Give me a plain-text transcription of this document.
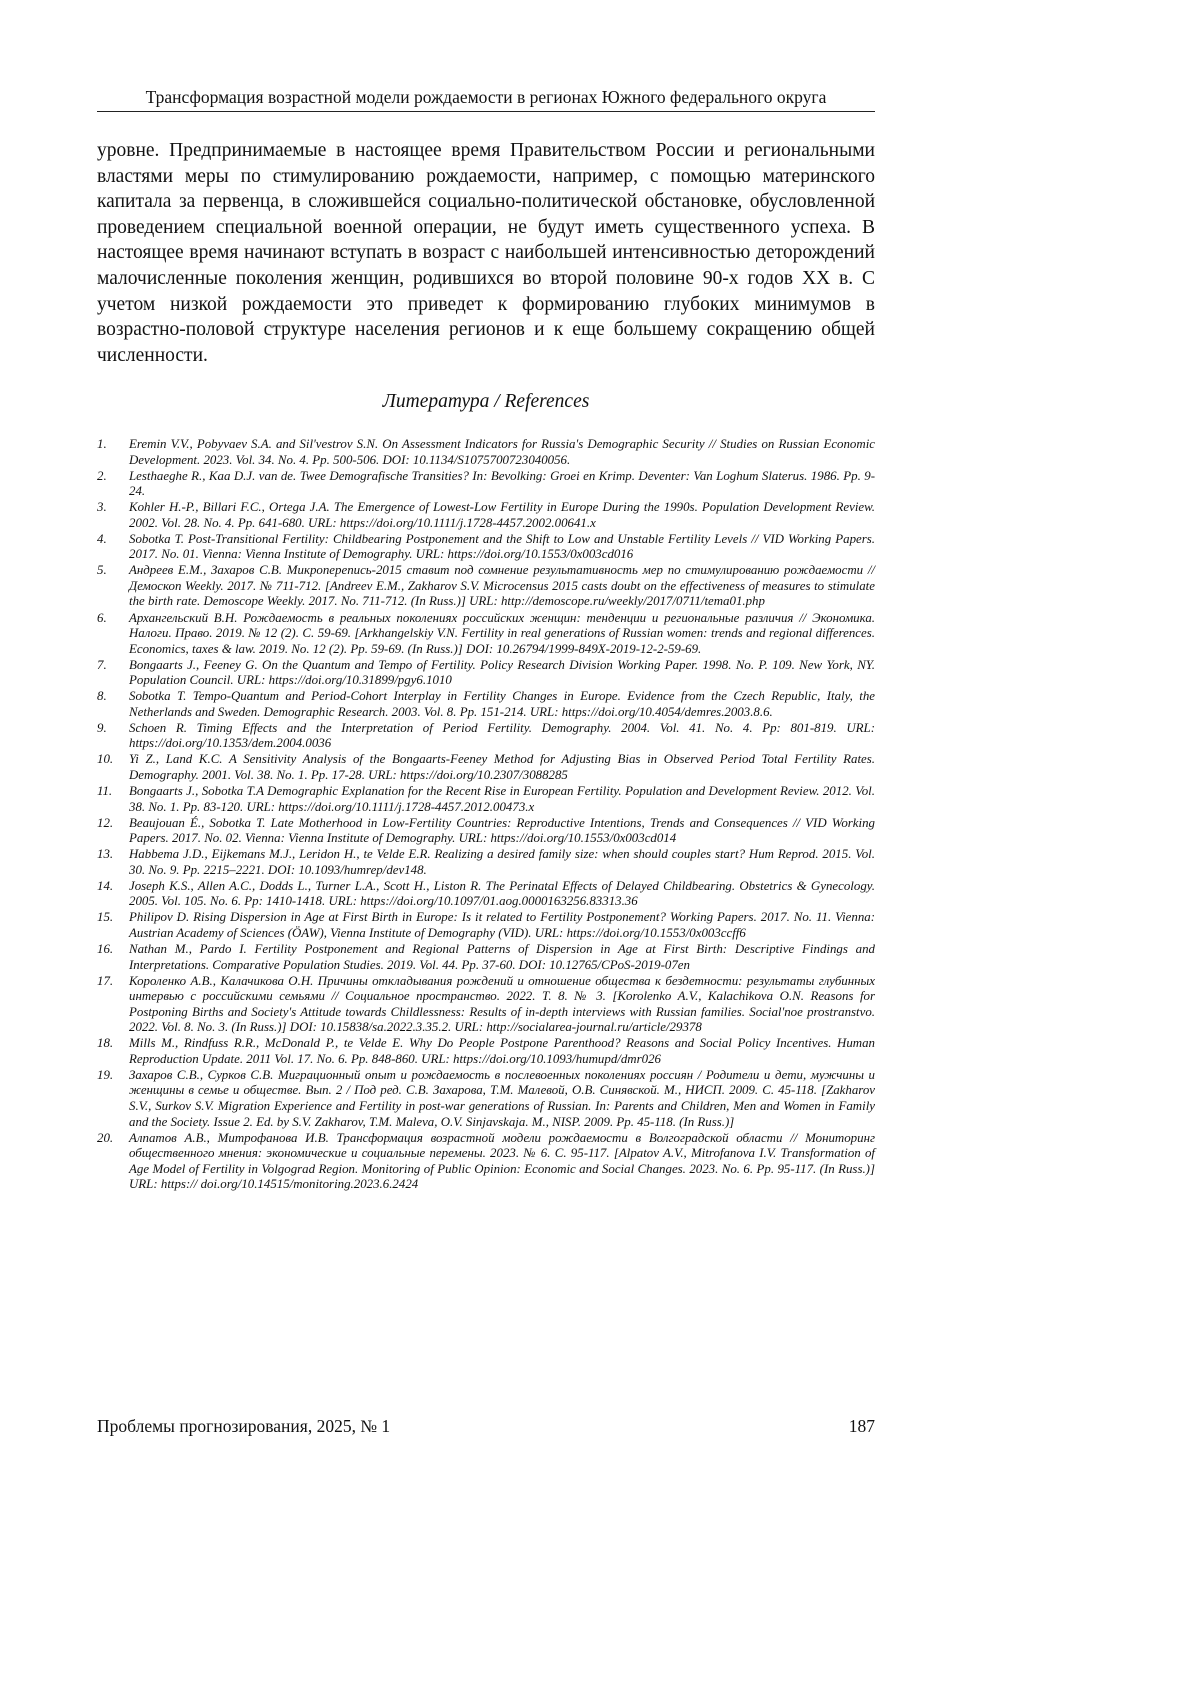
Трансформация возрастной модели рождаемости в регионах Южного федерального округа

уровне. Предпринимаемые в настоящее время Правительством России и региональными властями меры по стимулированию рождаемости, например, с помощью материнского капитала за первенца, в сложившейся социально-политической обстановке, обусловленной проведением специальной военной операции, не будут иметь существенного успеха. В настоящее время начинают вступать в возраст с наибольшей интенсивностью деторождений малочисленные поколения женщин, родившихся во второй половине 90-х годов XX в. С учетом низкой рождаемости это приведет к формированию глубоких минимумов в возрастно-половой структуре населения регионов и к еще большему сокращению общей численности.

Литература / References
1. Eremin V.V., Pobyvaev S.A. and Sil'vestrov S.N. On Assessment Indicators for Russia's Demographic Security // Studies on Russian Economic Development. 2023. Vol. 34. No. 4. Pp. 500-506. DOI: 10.1134/S1075700723040056.
2. Lesthaeghe R., Kaa D.J. van de. Twee Demografische Transities? In: Bevolking: Groei en Krimp. Deventer: Van Loghum Slaterus. 1986. Pp. 9-24.
3. Kohler H.-P., Billari F.C., Ortega J.A. The Emergence of Lowest-Low Fertility in Europe During the 1990s. Population Development Review. 2002. Vol. 28. No. 4. Pp. 641-680. URL: https://doi.org/10.1111/j.1728-4457.2002.00641.x
4. Sobotka T. Post-Transitional Fertility: Childbearing Postponement and the Shift to Low and Unstable Fertility Levels // VID Working Papers. 2017. No. 01. Vienna: Vienna Institute of Demography. URL: https://doi.org/10.1553/0x003cd016
5. Андреев Е.М., Захаров С.В. Микроперепись-2015 ставит под сомнение результативность мер по стимулированию рождаемости // Демоскоп Weekly. 2017. № 711-712. [Andreev E.M., Zakharov S.V. Microcensus 2015 casts doubt on the effectiveness of measures to stimulate the birth rate. Demoscope Weekly. 2017. No. 711-712. (In Russ.)] URL: http://demoscope.ru/weekly/2017/0711/tema01.php
6. Архангельский В.Н. Рождаемость в реальных поколениях российских женщин: тенденции и региональные различия // Экономика. Налоги. Право. 2019. № 12 (2). С. 59-69. [Arkhangelskiy V.N. Fertility in real generations of Russian women: trends and regional differences. Economics, taxes & law. 2019. No. 12 (2). Pp. 59-69. (In Russ.)] DOI: 10.26794/1999-849X-2019-12-2-59-69.
7. Bongaarts J., Feeney G. On the Quantum and Tempo of Fertility. Policy Research Division Working Paper. 1998. No. P. 109. New York, NY. Population Council. URL: https://doi.org/10.31899/pgy6.1010
8. Sobotka T. Tempo-Quantum and Period-Cohort Interplay in Fertility Changes in Europe. Evidence from the Czech Republic, Italy, the Netherlands and Sweden. Demographic Research. 2003. Vol. 8. Pp. 151-214. URL: https://doi.org/10.4054/demres.2003.8.6.
9. Schoen R. Timing Effects and the Interpretation of Period Fertility. Demography. 2004. Vol. 41. No. 4. Pp: 801-819. URL: https://doi.org/10.1353/dem.2004.0036
10. Yi Z., Land K.C. A Sensitivity Analysis of the Bongaarts-Feeney Method for Adjusting Bias in Observed Period Total Fertility Rates. Demography. 2001. Vol. 38. No. 1. Pp. 17-28. URL: https://doi.org/10.2307/3088285
11. Bongaarts J., Sobotka T.A Demographic Explanation for the Recent Rise in European Fertility. Population and Development Review. 2012. Vol. 38. No. 1. Pp. 83-120. URL: https://doi.org/10.1111/j.1728-4457.2012.00473.x
12. Beaujouan É., Sobotka T. Late Motherhood in Low-Fertility Countries: Reproductive Intentions, Trends and Consequences // VID Working Papers. 2017. No. 02. Vienna: Vienna Institute of Demography. URL: https://doi.org/10.1553/0x003cd014
13. Habbema J.D., Eijkemans M.J., Leridon H., te Velde E.R. Realizing a desired family size: when should couples start? Hum Reprod. 2015. Vol. 30. No. 9. Pp. 2215–2221. DOI: 10.1093/humrep/dev148.
14. Joseph K.S., Allen A.C., Dodds L., Turner L.A., Scott H., Liston R. The Perinatal Effects of Delayed Childbearing. Obstetrics & Gynecology. 2005. Vol. 105. No. 6. Pp: 1410-1418. URL: https://doi.org/10.1097/01.aog.0000163256.83313.36
15. Philipov D. Rising Dispersion in Age at First Birth in Europe: Is it related to Fertility Postponement? Working Papers. 2017. No. 11. Vienna: Austrian Academy of Sciences (ÖAW), Vienna Institute of Demography (VID). URL: https://doi.org/10.1553/0x003ccff6
16. Nathan M., Pardo I. Fertility Postponement and Regional Patterns of Dispersion in Age at First Birth: Descriptive Findings and Interpretations. Comparative Population Studies. 2019. Vol. 44. Pp. 37-60. DOI: 10.12765/CPoS-2019-07en
17. Короленко А.В., Калачикова О.Н. Причины откладывания рождений и отношение общества к бездетности: результаты глубинных интервью с российскими семьями // Социальное пространство. 2022. Т. 8. № 3. [Korolenko A.V., Kalachikova O.N. Reasons for Postponing Births and Society's Attitude towards Childlessness: Results of in-depth interviews with Russian families. Social'noe prostranstvo. 2022. Vol. 8. No. 3. (In Russ.)] DOI: 10.15838/sa.2022.3.35.2. URL: http://socialarea-journal.ru/article/29378
18. Mills M., Rindfuss R.R., McDonald P., te Velde E. Why Do People Postpone Parenthood? Reasons and Social Policy Incentives. Human Reproduction Update. 2011 Vol. 17. No. 6. Pp. 848-860. URL: https://doi.org/10.1093/humupd/dmr026
19. Захаров С.В., Сурков С.В. Миграционный опыт и рождаемость в послевоенных поколениях россиян / Родители и дети, мужчины и женщины в семье и обществе. Вып. 2 / Под ред. С.В. Захарова, Т.М. Малевой, О.В. Синявской. М., НИСП. 2009. С. 45-118. [Zakharov S.V., Surkov S.V. Migration Experience and Fertility in post-war generations of Russian. In: Parents and Children, Men and Women in Family and the Society. Issue 2. Ed. by S.V. Zakharov, T.M. Maleva, O.V. Sinjavskaja. M., NISP. 2009. Pp. 45-118. (In Russ.)]
20. Алпатов А.В., Митрофанова И.В. Трансформация возрастной модели рождаемости в Волгоградской области // Мониторинг общественного мнения: экономические и социальные перемены. 2023. № 6. С. 95-117. [Alpatov A.V., Mitrofanova I.V. Transformation of Age Model of Fertility in Volgograd Region. Monitoring of Public Opinion: Economic and Social Changes. 2023. No. 6. Pp. 95-117. (In Russ.)] URL: https:// doi.org/10.14515/monitoring.2023.6.2424
Проблемы прогнозирования, 2025, № 1	187
